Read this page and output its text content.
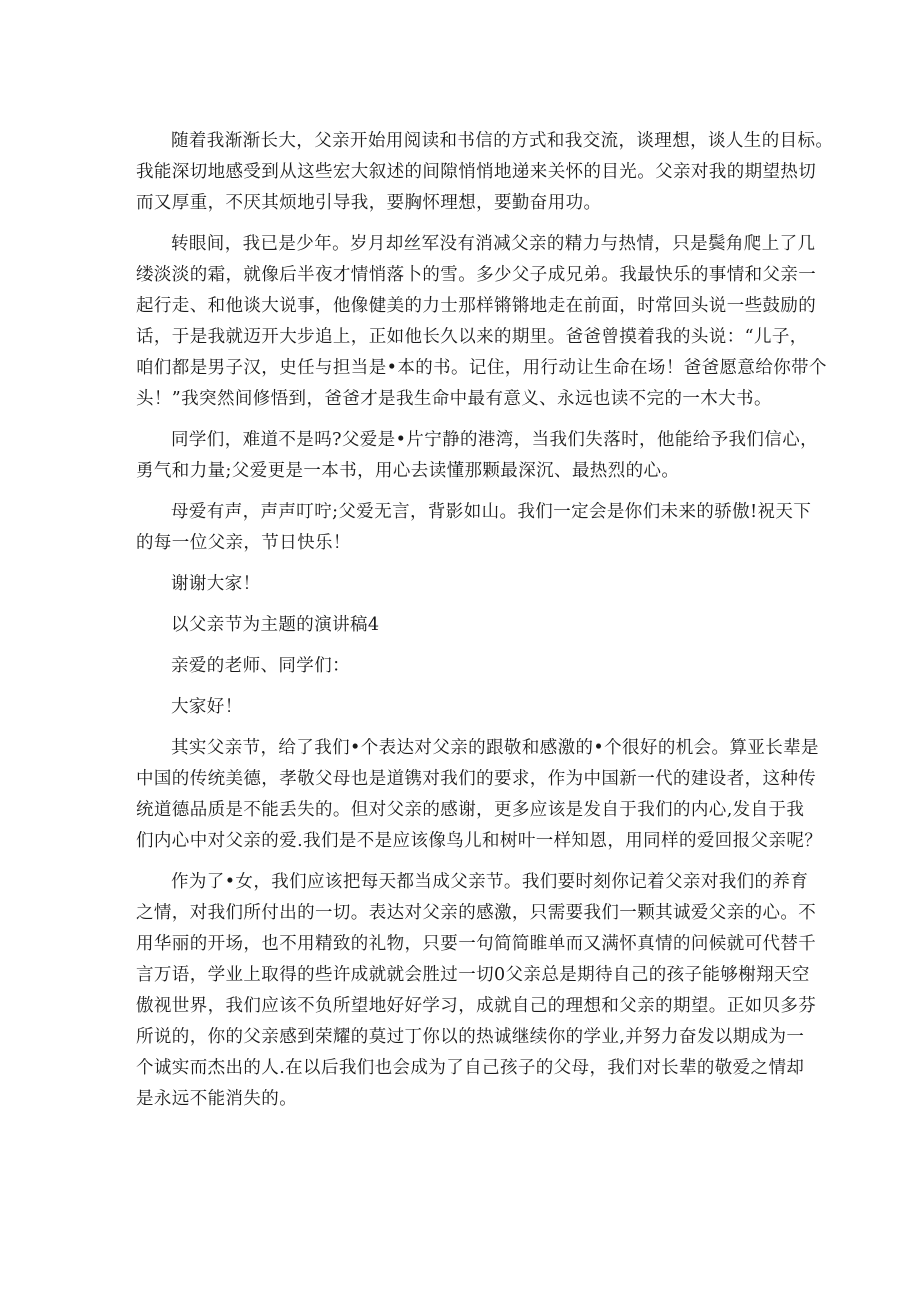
随着我渐渐长大，父亲开始用阅读和书信的方式和我交流，谈理想，谈人生的目标。
我能深切地感受到从这些宏大叙述的间隙悄悄地递来关怀的目光。父亲对我的期望热切
而又厚重，不厌其烦地引导我，要胸怀理想，要勤奋用功。
转眼间，我已是少年。岁月却丝军没有消减父亲的精力与热情，只是鬓角爬上了几
缕淡淡的霜，就像后半夜才情悄落卜的雪。多少父子成兄弟。我最快乐的事情和父亲一
起行走、和他谈大说事，他像健美的力士那样锵锵地走在前面，时常回头说一些鼓励的
话，于是我就迈开大步追上，正如他长久以来的期里。爸爸曾摸着我的头说：“儿子，
咱们都是男子汉，史任与担当是•本的书。记住，用行动让生命在场！爸爸愿意给你带个
头！”我突然间修悟到，爸爸才是我生命中最有意义、永远也读不完的一木大书。
同学们，难道不是吗?父爱是•片宁静的港湾，当我们失落时，他能给予我们信心，
勇气和力量;父爱更是一本书，用心去读懂那颗最深沉、最热烈的心。
母爱有声，声声叮咛;父爱无言，背影如山。我们一定会是你们未来的骄傲!祝天下
的每一位父亲，节日快乐！
谢谢大家！
以父亲节为主题的演讲稿4
亲爱的老师、同学们：
大家好！
其实父亲节，给了我们•个表达对父亲的跟敬和感激的•个很好的机会。算亚长辈是
中国的传统美德，孝敬父母也是道镌对我们的要求，作为中国新一代的建设者，这种传
统道德品质是不能丢失的。但对父亲的感谢，更多应该是发自于我们的内心,发自于我
们内心中对父亲的爱.我们是不是应该像鸟儿和树叶一样知恩，用同样的爱回报父亲呢？
作为了•女，我们应该把每天都当成父亲节。我们要时刻你记着父亲对我们的养育
之情，对我们所付出的一切。表达对父亲的感激，只需要我们一颗其诚爱父亲的心。不
用华丽的开场，也不用精致的礼物，只要一句简简睢单而又满怀真情的问候就可代替千
言万语，学业上取得的些许成就就会胜过一切0父亲总是期待自己的孩子能够榭翔天空
傲视世界，我们应该不负所望地好好学习，成就自己的理想和父亲的期望。正如贝多芬
所说的，你的父亲感到荣耀的莫过丁你以的热诚继续你的学业,并努力奋发以期成为一
个诚实而杰出的人.在以后我们也会成为了自己孩子的父母，我们对长辈的敬爱之情却
是永远不能消失的。
